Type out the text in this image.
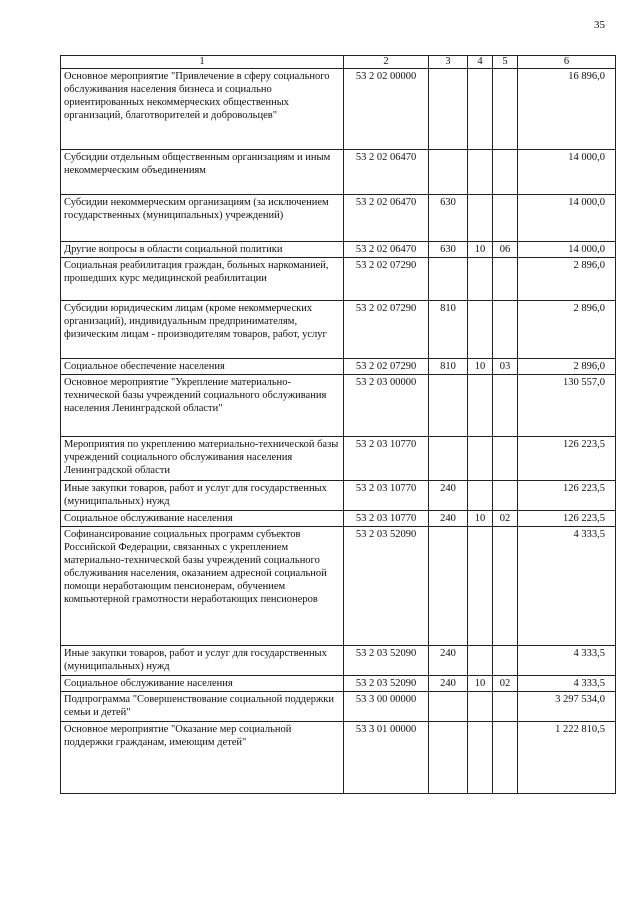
35
1	2	3	4	5	6
Основное мероприятие "Привлечение в сферу социального обслуживания населения бизнеса и социально ориентированных некоммерческих общественных организаций, благотворителей и добровольцев"	53 2 02 00000				16 896,0
Субсидии отдельным общественным организациям и иным некоммерческим объединениям	53 2 02 06470				14 000,0
Субсидии некоммерческим организациям (за исключением государственных (муниципальных) учреждений)	53 2 02 06470	630			14 000,0
Другие вопросы в области социальной политики	53 2 02 06470	630	10	06	14 000,0
Социальная реабилитация граждан, больных наркоманией, прошедших курс медицинской реабилитации	53 2 02 07290				2 896,0
Субсидии юридическим лицам (кроме некоммерческих организаций), индивидуальным предпринимателям, физическим лицам - производителям товаров, работ, услуг	53 2 02 07290	810			2 896,0
Социальное обеспечение населения	53 2 02 07290	810	10	03	2 896,0
Основное мероприятие "Укрепление материально-технической базы учреждений социального обслуживания населения Ленинградской области"	53 2 03 00000				130 557,0
Мероприятия по укреплению материально-технической базы учреждений социального обслуживания населения Ленинградской области	53 2 03 10770				126 223,5
Иные закупки товаров, работ и услуг для государственных (муниципальных) нужд	53 2 03 10770	240			126 223,5
Социальное обслуживание населения	53 2 03 10770	240	10	02	126 223,5
Софинансирование социальных программ субъектов Российской Федерации, связанных с укреплением материально-технической базы учреждений социального обслуживания населения, оказанием адресной социальной помощи неработающим пенсионерам, обучением компьютерной грамотности неработающих пенсионеров	53 2 03 52090				4 333,5
Иные закупки товаров, работ и услуг для государственных (муниципальных) нужд	53 2 03 52090	240			4 333,5
Социальное обслуживание населения	53 2 03 52090	240	10	02	4 333,5
Подпрограмма "Совершенствование социальной поддержки семьи и детей"	53 3 00 00000				3 297 534,0
Основное мероприятие "Оказание мер социальной поддержки гражданам, имеющим детей"	53 3 01 00000				1 222 810,5
